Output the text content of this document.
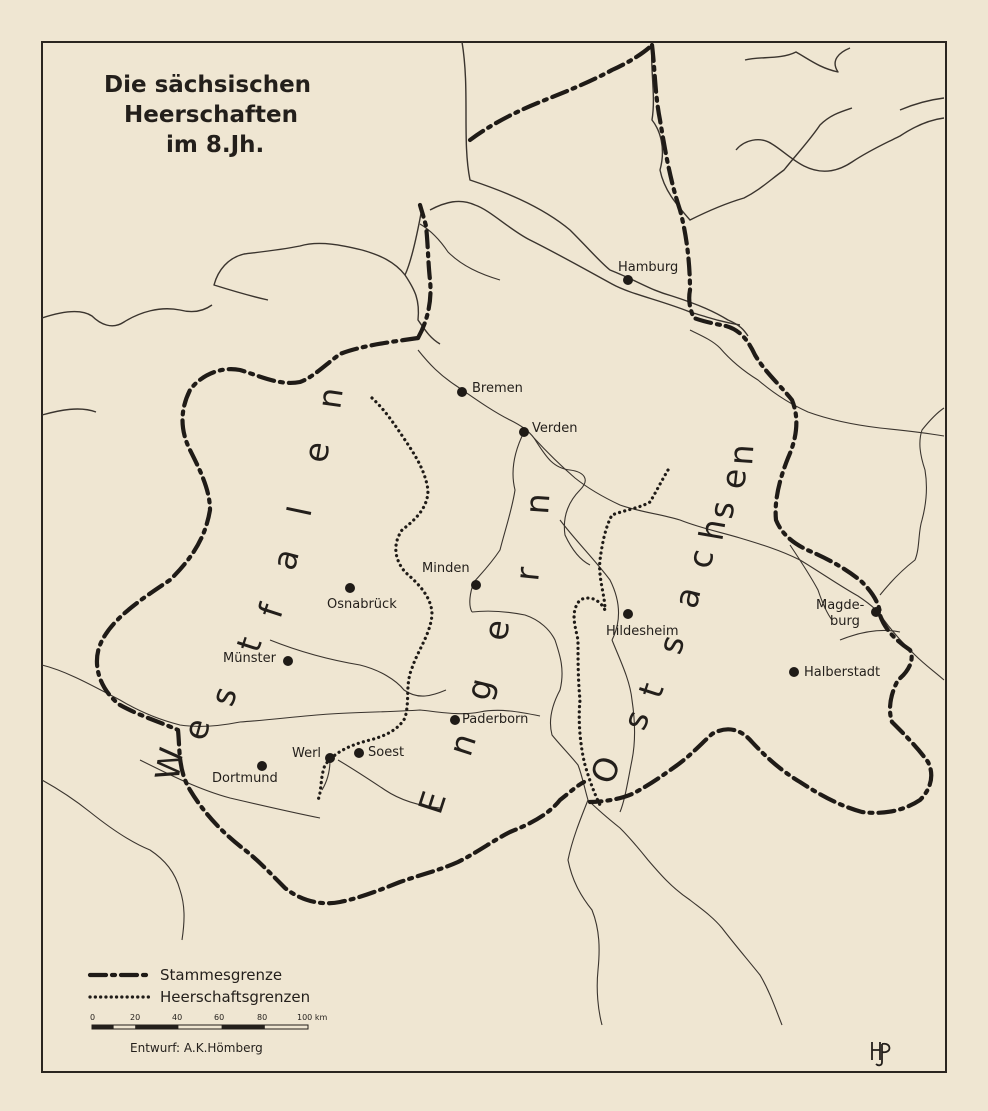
Hamburg
Bremen
Verden
Minden
Osnabrück
Münster
Paderborn
Soest
Werl
Dortmund
Hildesheim
Magde-
burg
Halberstadt
W
e
s
t
f
a
l
e
n
E
n
g
e
r
n
O
s
t
s
a
c
h
s
e
n
Die sächsischen
Heerschaften
im 8.Jh.
Stammesgrenze
Heerschaftsgrenzen
0	20	40	60	80	100 km
Entwurf: A.K.Hömberg
